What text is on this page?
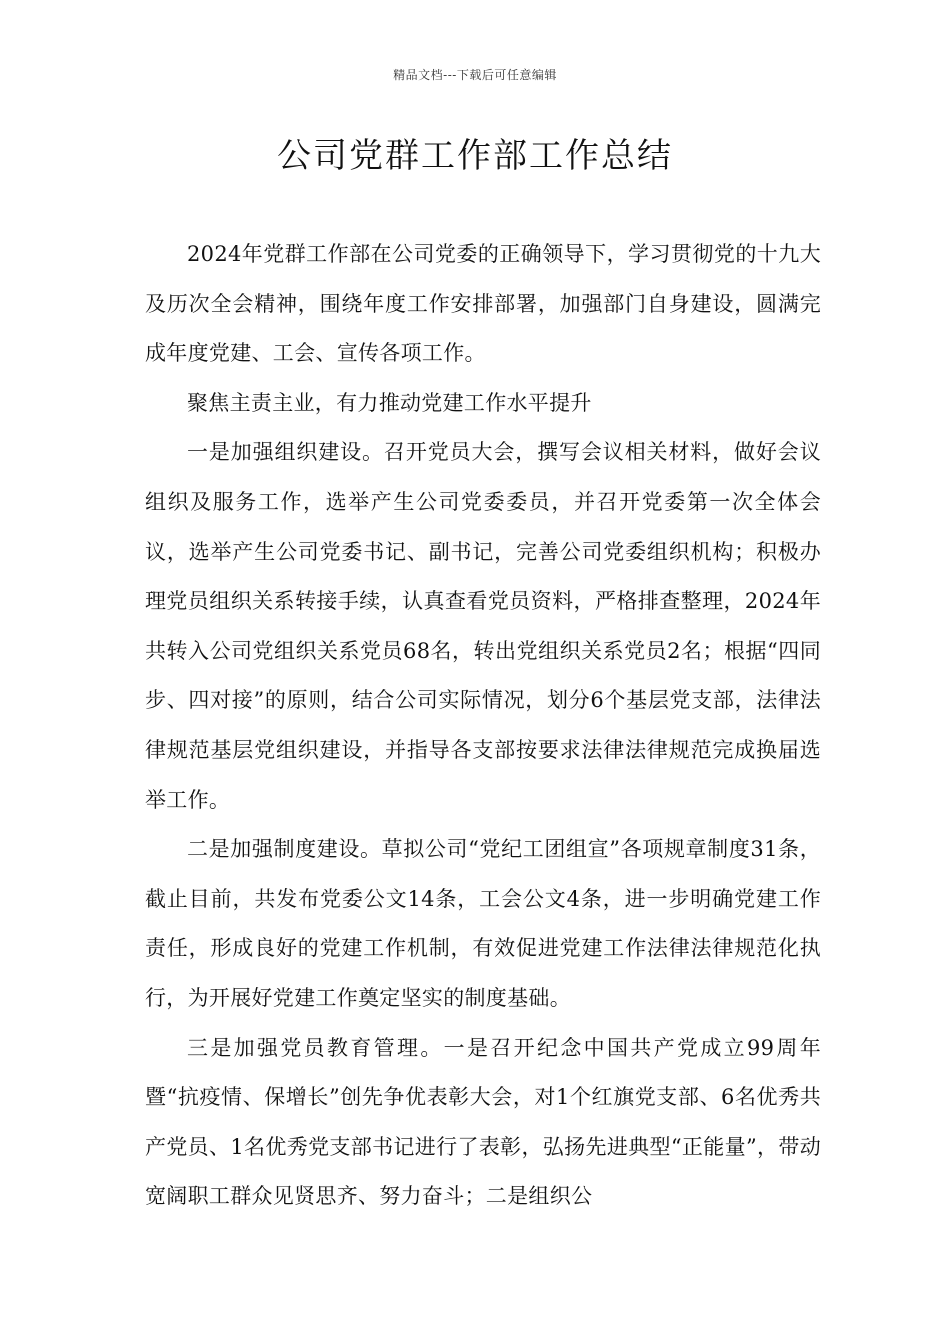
精品文档---下载后可任意编辑
公司党群工作部工作总结

2024年党群工作部在公司党委的正确领导下，学习贯彻党的十九大及历次全会精神，围绕年度工作安排部署，加强部门自身建设，圆满完成年度党建、工会、宣传各项工作。

聚焦主责主业，有力推动党建工作水平提升

一是加强组织建设。召开党员大会，撰写会议相关材料，做好会议组织及服务工作，选举产生公司党委委员，并召开党委第一次全体会议，选举产生公司党委书记、副书记，完善公司党委组织机构；积极办理党员组织关系转接手续，认真查看党员资料，严格排查整理，2024年共转入公司党组织关系党员68名，转出党组织关系党员2名；根据“四同步、四对接”的原则，结合公司实际情况，划分6个基层党支部，法律法律规范基层党组织建设，并指导各支部按要求法律法律规范完成换届选举工作。

二是加强制度建设。草拟公司“党纪工团组宣”各项规章制度31条，截止目前，共发布党委公文14条，工会公文4条，进一步明确党建工作责任，形成良好的党建工作机制，有效促进党建工作法律法律规范化执行，为开展好党建工作奠定坚实的制度基础。

三是加强党员教育管理。一是召开纪念中国共产党成立99周年暨“抗疫情、保增长”创先争优表彰大会，对1个红旗党支部、6名优秀共产党员、1名优秀党支部书记进行了表彰，弘扬先进典型“正能量”，带动宽阔职工群众见贤思齐、努力奋斗；二是组织公
